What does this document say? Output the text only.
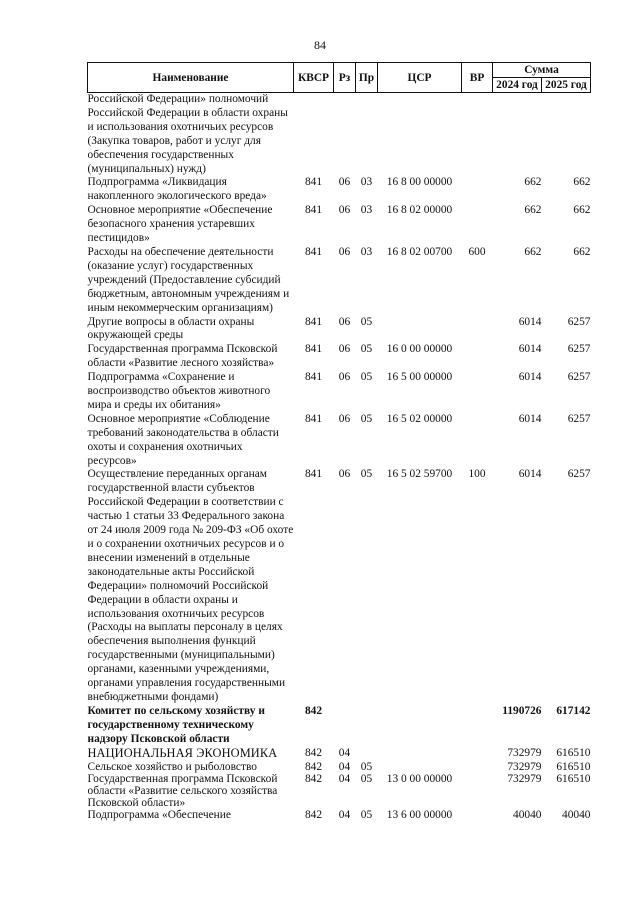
84
Наименование	КВСР	Рз	Пр	ЦСР	ВР	Сумма	
						2024 год	2025 год
Российской Федерации» полномочий Российской Федерации в области охраны и использования охотничьих ресурсов (Закупка товаров, работ и услуг для обеспечения государственных (муниципальных) нужд)							
Подпрограмма «Ликвидация накопленного экологического вреда»	841	06	03	16 8 00 00000		662	662
Основное мероприятие «Обеспечение безопасного хранения устаревших пестицидов»	841	06	03	16 8 02 00000		662	662
Расходы на обеспечение деятельности (оказание услуг) государственных учреждений (Предоставление субсидий бюджетным, автономным учреждениям и иным некоммерческим организациям)	841	06	03	16 8 02 00700	600	662	662
Другие вопросы в области охраны окружающей среды	841	06	05			6014	6257
Государственная программа Псковской области «Развитие лесного хозяйства»	841	06	05	16 0 00 00000		6014	6257
Подпрограмма «Сохранение и воспроизводство объектов животного мира и среды их обитания»	841	06	05	16 5 00 00000		6014	6257
Основное мероприятие «Соблюдение требований законодательства в области охоты и сохранения охотничьих ресурсов»	841	06	05	16 5 02 00000		6014	6257
Осуществление переданных органам государственной власти субъектов Российской Федерации в соответствии с частью 1 статьи 33 Федерального закона от 24 июля 2009 года № 209-ФЗ «Об охоте и о сохранении охотничьих ресурсов и о внесении изменений в отдельные законодательные акты Российской Федерации» полномочий Российской Федерации в области охраны и использования охотничьих ресурсов (Расходы на выплаты персоналу в целях обеспечения выполнения функций государственными (муниципальными) органами, казенными учреждениями, органами управления государственными внебюджетными фондами)	841	06	05	16 5 02 59700	100	6014	6257
Комитет по сельскому хозяйству и государственному техническому надзору Псковской области	842					1190726	617142
НАЦИОНАЛЬНАЯ ЭКОНОМИКА	842	04				732979	616510
Сельское хозяйство и рыболовство	842	04	05			732979	616510
Государственная программа Псковской области «Развитие сельского хозяйства Псковской области»	842	04	05	13 0 00 00000		732979	616510
Подпрограмма «Обеспечение	842	04	05	13 6 00 00000		40040	40040
